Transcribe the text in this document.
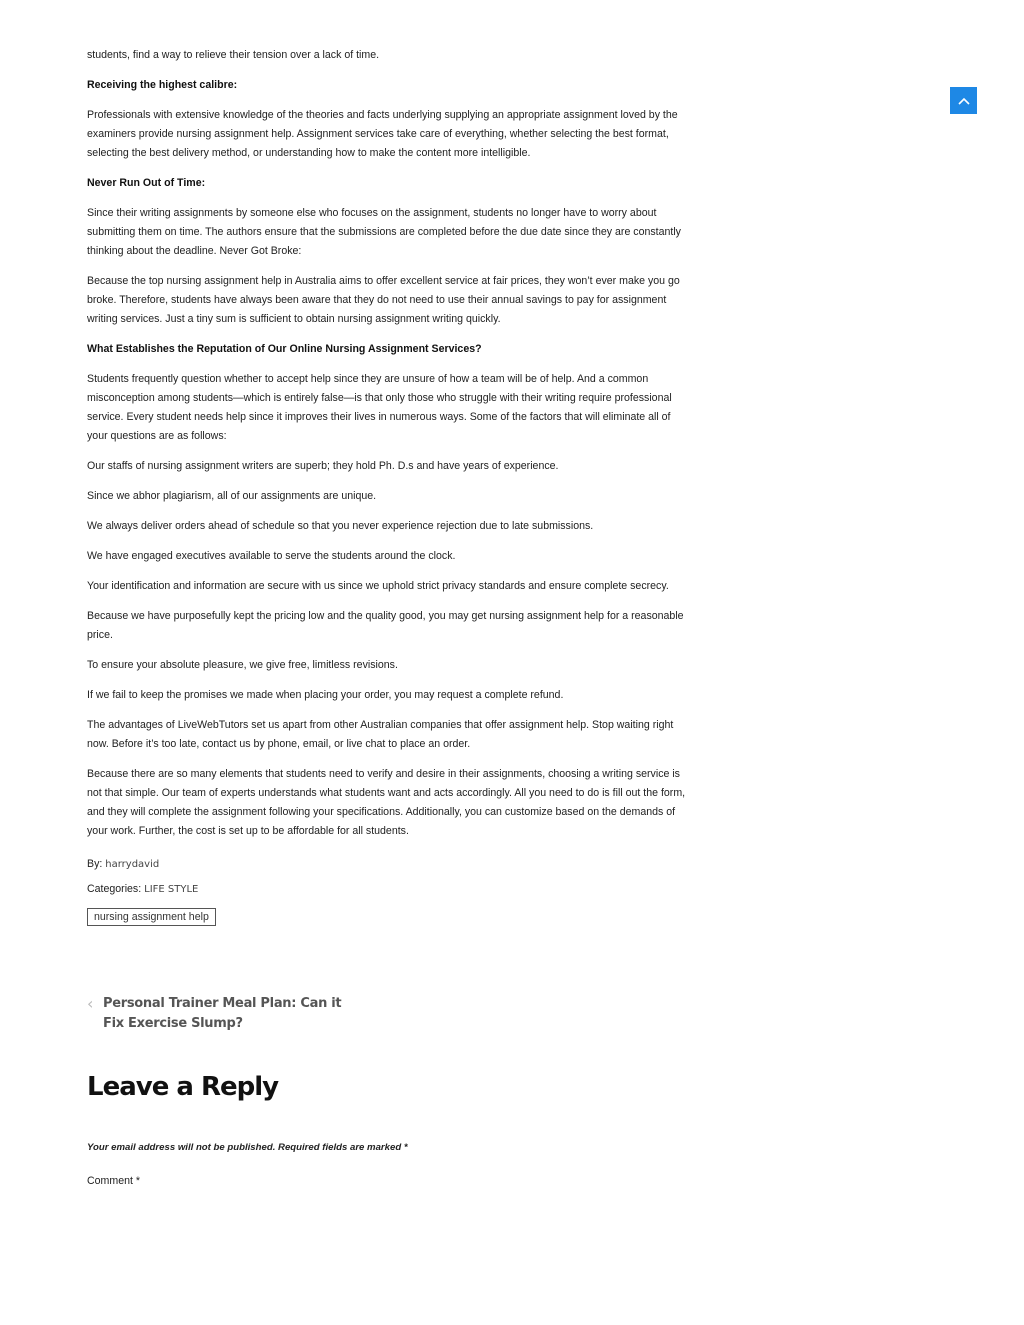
students, find a way to relieve their tension over a lack of time.

Receiving the highest calibre:

Professionals with extensive knowledge of the theories and facts underlying supplying an appropriate assignment loved by the examiners provide nursing assignment help. Assignment services take care of everything, whether selecting the best format, selecting the best delivery method, or understanding how to make the content more intelligible.

Never Run Out of Time:

Since their writing assignments by someone else who focuses on the assignment, students no longer have to worry about submitting them on time. The authors ensure that the submissions are completed before the due date since they are constantly thinking about the deadline. Never Got Broke:

Because the top nursing assignment help in Australia aims to offer excellent service at fair prices, they won’t ever make you go broke. Therefore, students have always been aware that they do not need to use their annual savings to pay for assignment writing services. Just a tiny sum is sufficient to obtain nursing assignment writing quickly.

What Establishes the Reputation of Our Online Nursing Assignment Services?

Students frequently question whether to accept help since they are unsure of how a team will be of help. And a common misconception among students—which is entirely false—is that only those who struggle with their writing require professional service. Every student needs help since it improves their lives in numerous ways. Some of the factors that will eliminate all of your questions are as follows:

Our staffs of nursing assignment writers are superb; they hold Ph. D.s and have years of experience.

Since we abhor plagiarism, all of our assignments are unique.

We always deliver orders ahead of schedule so that you never experience rejection due to late submissions.

We have engaged executives available to serve the students around the clock.

Your identification and information are secure with us since we uphold strict privacy standards and ensure complete secrecy.

Because we have purposefully kept the pricing low and the quality good, you may get nursing assignment help for a reasonable price.

To ensure your absolute pleasure, we give free, limitless revisions.

If we fail to keep the promises we made when placing your order, you may request a complete refund.

The advantages of LiveWebTutors set us apart from other Australian companies that offer assignment help. Stop waiting right now. Before it’s too late, contact us by phone, email, or live chat to place an order.

Because there are so many elements that students need to verify and desire in their assignments, choosing a writing service is not that simple. Our team of experts understands what students want and acts accordingly. All you need to do is fill out the form, and they will complete the assignment following your specifications. Additionally, you can customize based on the demands of your work. Further, the cost is set up to be affordable for all students.

By: harrydavid
Categories: LIFE STYLE
nursing assignment help
‹ Personal Trainer Meal Plan: Can it Fix Exercise Slump?
Leave a Reply
Your email address will not be published. Required fields are marked *
Comment *
